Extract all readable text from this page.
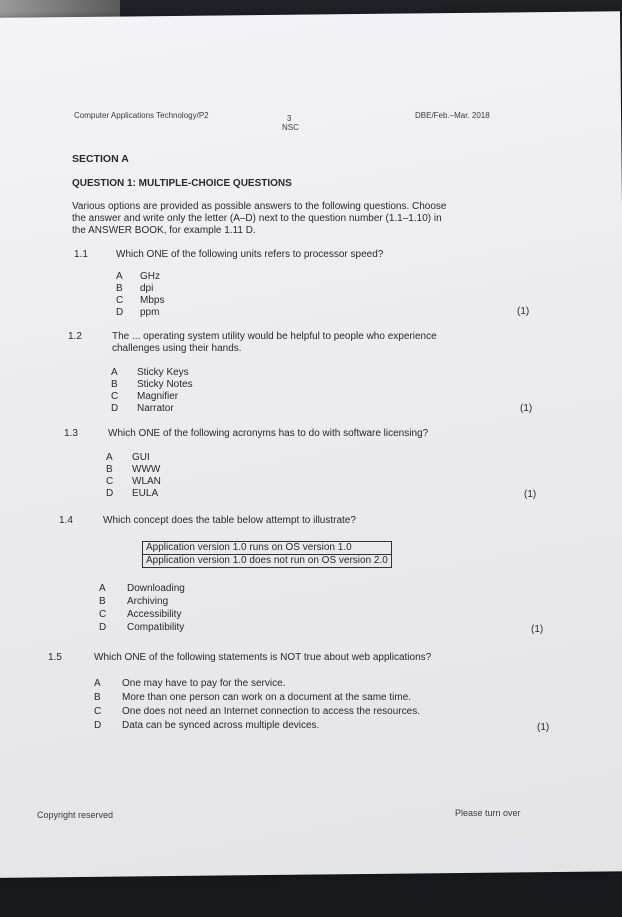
Computer Applications Technology/P2	3
NSC
DBE/Feb.–Mar. 2018
SECTION A
QUESTION 1: MULTIPLE-CHOICE QUESTIONS
Various options are provided as possible answers to the following questions. Choose
the answer and write only the letter (A–D) next to the question number (1.1–1.10) in
the ANSWER BOOK, for example 1.11 D.
1.1	Which ONE of the following units refers to processor speed?
A GHz
B dpi
C Mbps
D ppm	(1)
1.2	The ... operating system utility would be helpful to people who experience
challenges using their hands.
A Sticky Keys
B Sticky Notes
C Magnifier
D Narrator	(1)
1.3	Which ONE of the following acronyms has to do with software licensing?
A GUI
B WWW
C WLAN
D EULA	(1)
1.4	Which concept does the table below attempt to illustrate?
Application version 1.0 runs on OS version 1.0
Application version 1.0 does not run on OS version 2.0
A Downloading
B Archiving
C Accessibility
D Compatibility	(1)
1.5	Which ONE of the following statements is NOT true about web applications?
A One may have to pay for the service.
B More than one person can work on a document at the same time.
C One does not need an Internet connection to access the resources.
D Data can be synced across multiple devices.	(1)
Copyright reserved	Please turn over
